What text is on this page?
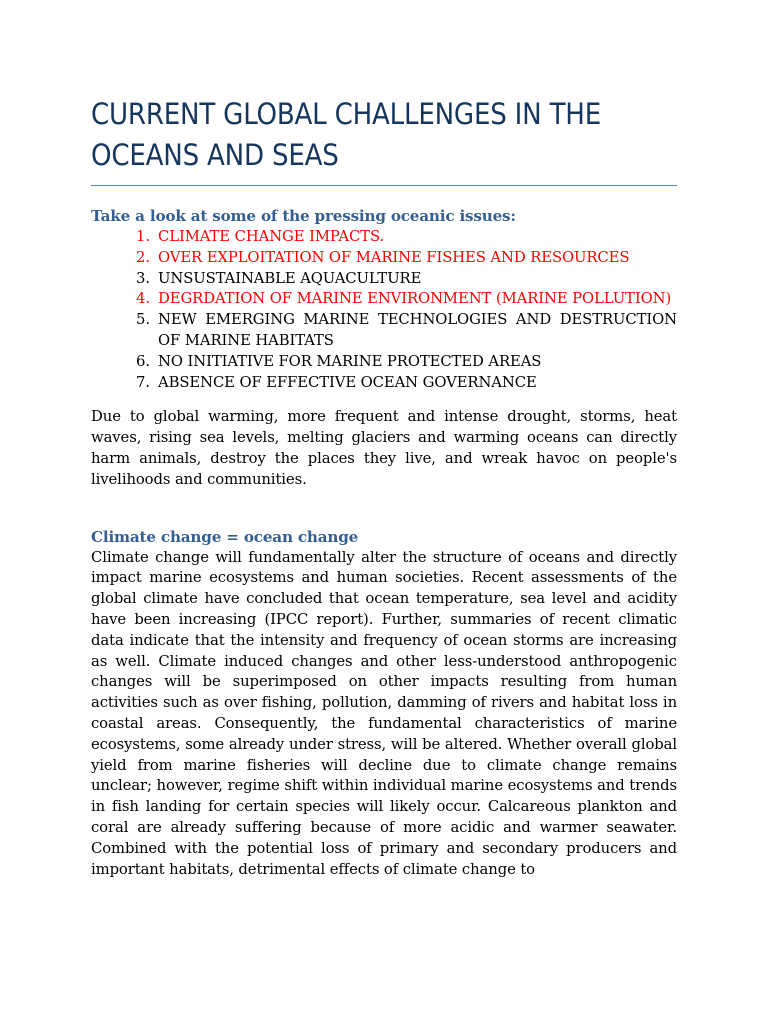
CURRENT GLOBAL CHALLENGES IN THE OCEANS AND SEAS
Take a look at some of the pressing oceanic issues:
1. CLIMATE CHANGE IMPACTS.
2. OVER EXPLOITATION OF MARINE FISHES AND RESOURCES
3. UNSUSTAINABLE AQUACULTURE
4. DEGRDATION OF MARINE ENVIRONMENT (MARINE POLLUTION)
5. NEW EMERGING MARINE TECHNOLOGIES AND DESTRUCTION OF MARINE HABITATS
6. NO INITIATIVE FOR MARINE PROTECTED AREAS
7. ABSENCE OF EFFECTIVE OCEAN GOVERNANCE

Due to global warming, more frequent and intense drought, storms, heat waves, rising sea levels, melting glaciers and warming oceans can directly harm animals, destroy the places they live, and wreak havoc on people's livelihoods and communities.

Climate change = ocean change

Climate change will fundamentally alter the structure of oceans and directly impact marine ecosystems and human societies. Recent assessments of the global climate have concluded that ocean temperature, sea level and acidity have been increasing (IPCC report). Further, summaries of recent climatic data indicate that the intensity and frequency of ocean storms are increasing as well. Climate induced changes and other less-understood anthropogenic changes will be superimposed on other impacts resulting from human activities such as over fishing, pollution, damming of rivers and habitat loss in coastal areas. Consequently, the fundamental characteristics of marine ecosystems, some already under stress, will be altered. Whether overall global yield from marine fisheries will decline due to climate change remains unclear; however, regime shift within individual marine ecosystems and trends in fish landing for certain species will likely occur. Calcareous plankton and coral are already suffering because of more acidic and warmer seawater. Combined with the potential loss of primary and secondary producers and important habitats, detrimental effects of climate change to
